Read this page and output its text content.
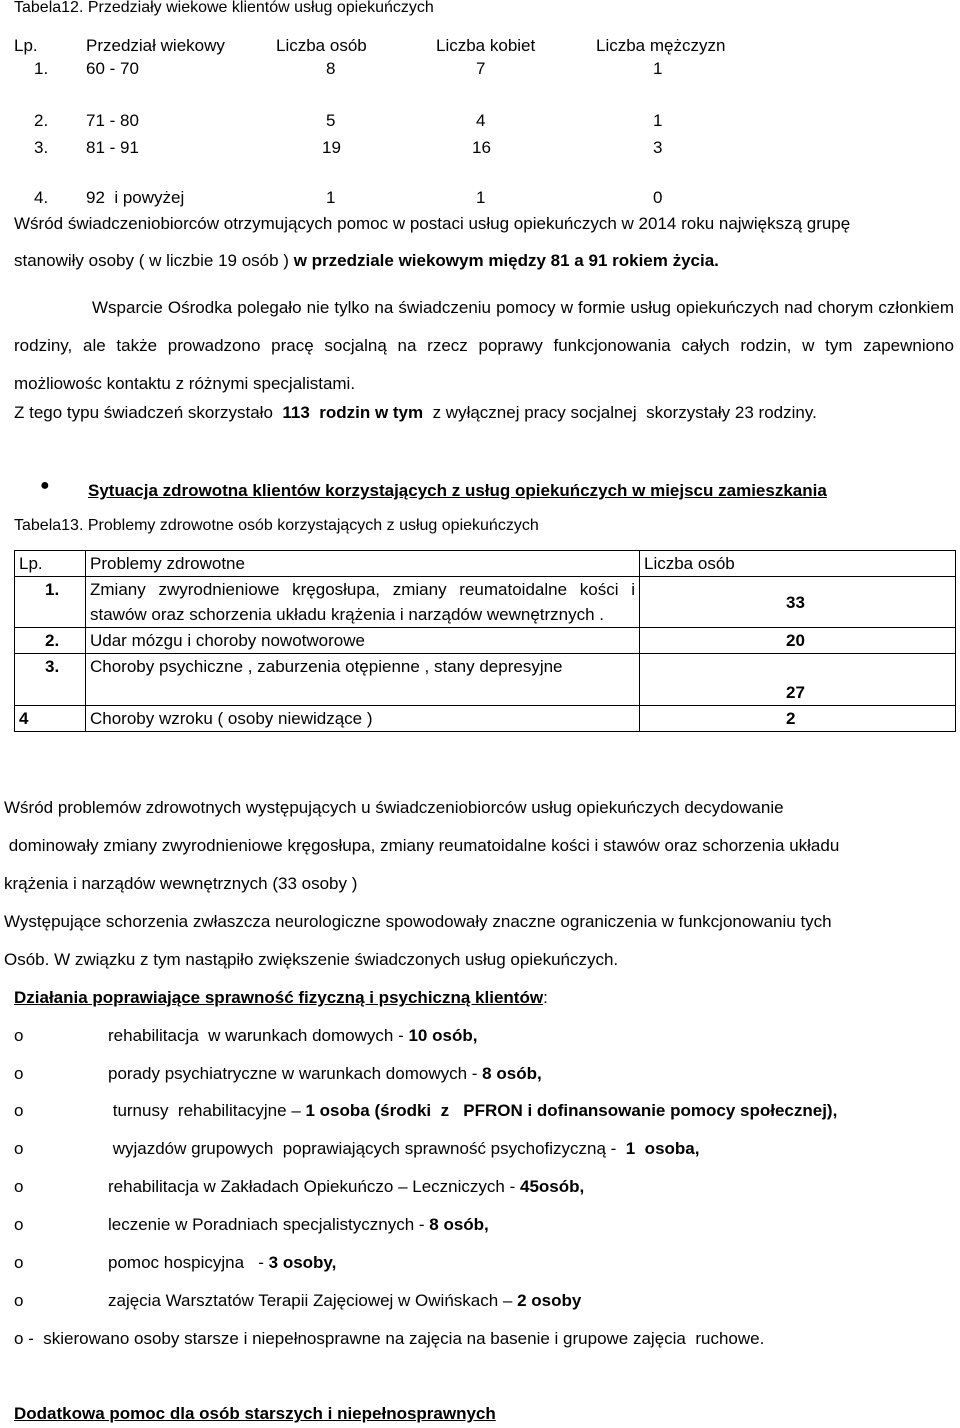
Tabela12. Przedziały wiekowe klientów usług opiekuńczych
Lp.	Przedział wiekowy	Liczba osób	Liczba kobiet	Liczba mężczyzn
1.	60 - 70	8	7	1
2.	71 - 80	5	4	1
3.	81 - 91	19	16	3
4.	92  i powyżej	1	1	0
Wśród świadczeniobiorców otrzymujących pomoc w postaci usług opiekuńczych w 2014 roku największą grupę
stanowiły osoby ( w liczbie 19 osób ) w przedziale wiekowym między 81 a 91 rokiem życia.
Wsparcie Ośrodka polegało nie tylko na świadczeniu pomocy w formie usług opiekuńczych nad chorym członkiem rodziny, ale także prowadzono pracę socjalną na rzecz poprawy funkcjonowania całych rodzin, w tym zapewniono możliowośc kontaktu z różnymi specjalistami.
Z tego typu świadczeń skorzystało 113  rodzin w tym z wyłącznej pracy socjalnej  skorzystały 23 rodziny.
● Sytuacja zdrowotna klientów korzystających z usług opiekuńczych w miejscu zamieszkania
Tabela13. Problemy zdrowotne osób korzystających z usług opiekuńczych
Lp.	Problemy zdrowotne	Liczba osób
1.	Zmiany zwyrodnieniowe kręgosłupa, zmiany reumatoidalne kości i stawów oraz schorzenia układu krążenia i narządów wewnętrznych .	33
2.	Udar mózgu i choroby nowotworowe	20
3.	Choroby psychiczne , zaburzenia otępienne , stany depresyjne	27
4	Choroby wzroku ( osoby niewidzące )	2
Wśród problemów zdrowotnych występujących u świadczeniobiorców usług opiekuńczych decydowanie
dominowały zmiany zwyrodnieniowe kręgosłupa, zmiany reumatoidalne kości i stawów oraz schorzenia układu
krążenia i narządów wewnętrznych (33 osoby )
Występujące schorzenia zwłaszcza neurologiczne spowodowały znaczne ograniczenia w funkcjonowaniu tych
Osób. W związku z tym nastąpiło zwiększenie świadczonych usług opiekuńczych.
Działania poprawiające sprawność fizyczną i psychiczną klientów:
o	rehabilitacja  w warunkach domowych - 10 osób,
o	porady psychiatryczne w warunkach domowych - 8 osób,
o	turnusy  rehabilitacyjne – 1 osoba (środki  z   PFRON i dofinansowanie pomocy społecznej),
o	wyjazdów grupowych  poprawiających sprawność psychofizyczną -  1  osoba,
o	rehabilitacja w Zakładach Opiekuńczo – Leczniczych - 45osób,
o	leczenie w Poradniach specjalistycznych - 8 osób,
o	pomoc hospicyjna   - 3 osoby,
o	zajęcia Warsztatów Terapii Zajęciowej w Owińskach – 2 osoby
o -  skierowano osoby starsze i niepełnosprawne na zajęcia na basenie i grupowe zajęcia  ruchowe.
Dodatkowa pomoc dla osób starszych i niepełnosprawnych
